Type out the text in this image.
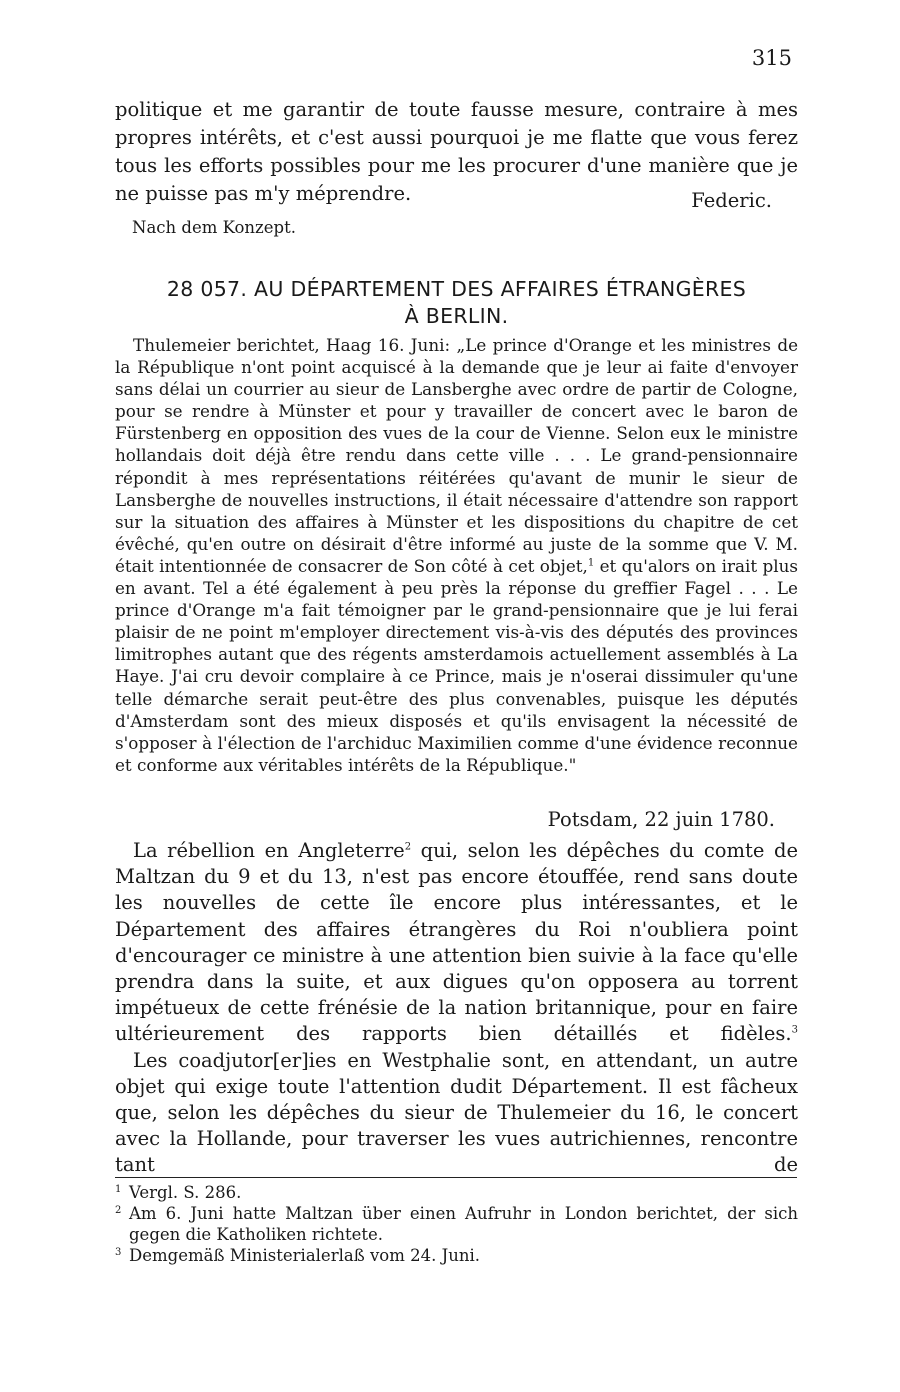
315
politique et me garantir de toute fausse mesure, contraire à mes propres intérêts, et c'est aussi pourquoi je me flatte que vous ferez tous les efforts possibles pour me les procurer d'une manière que je ne puisse pas m'y méprendre.	Federic.
Nach dem Konzept.
28 057. AU DÉPARTEMENT DES AFFAIRES ÉTRANGÈRES
À BERLIN.

Thulemeier berichtet, Haag 16. Juni: „Le prince d'Orange et les ministres de la République n'ont point acquiscé à la demande que je leur ai faite d'envoyer sans délai un courrier au sieur de Lansberghe avec ordre de partir de Cologne, pour se rendre à Münster et pour y travailler de concert avec le baron de Fürstenberg en opposition des vues de la cour de Vienne. Selon eux le ministre hollandais doit déjà être rendu dans cette ville . . . Le grand-pensionnaire répondit à mes représentations réitérées qu'avant de munir le sieur de Lansberghe de nouvelles instructions, il était nécessaire d'attendre son rapport sur la situation des affaires à Münster et les dispositions du chapitre de cet évêché, qu'en outre on désirait d'être informé au juste de la somme que V. M. était intentionnée de consacrer de Son côté à cet objet,$^1$ et qu'alors on irait plus en avant. Tel a été également à peu près la réponse du greffier Fagel . . . Le prince d'Orange m'a fait témoigner par le grand-pensionnaire que je lui ferai plaisir de ne point m'employer directement vis-à-vis des députés des provinces limitrophes autant que des régents amsterdamois actuellement assemblés à La Haye. J'ai cru devoir complaire à ce Prince, mais je n'oserai dissimuler qu'une telle démarche serait peut-être des plus convenables, puisque les députés d'Amsterdam sont des mieux disposés et qu'ils envisagent la nécessité de s'opposer à l'élection de l'archiduc Maximilien comme d'une évidence reconnue et conforme aux véritables intérêts de la République."

Potsdam, 22 juin 1780.

La rébellion en Angleterre$^2$ qui, selon les dépêches du comte de Maltzan du 9 et du 13, n'est pas encore étouffée, rend sans doute les nouvelles de cette île encore plus intéressantes, et le Département des affaires étrangères du Roi n'oubliera point d'encourager ce ministre à une attention bien suivie à la face qu'elle prendra dans la suite, et aux digues qu'on opposera au torrent impétueux de cette frénésie de la nation britannique, pour en faire ultérieurement des rapports bien détaillés et fidèles.$^3$

Les coadjutor[er]ies en Westphalie sont, en attendant, un autre objet qui exige toute l'attention dudit Département. Il est fâcheux que, selon les dépêches du sieur de Thulemeier du 16, le concert avec la Hollande, pour traverser les vues autrichiennes, rencontre tant de

1 Vergl. S. 286.
2 Am 6. Juni hatte Maltzan über einen Aufruhr in London berichtet, der sich gegen die Katholiken richtete.
3 Demgemäß Ministerialerlaß vom 24. Juni.
